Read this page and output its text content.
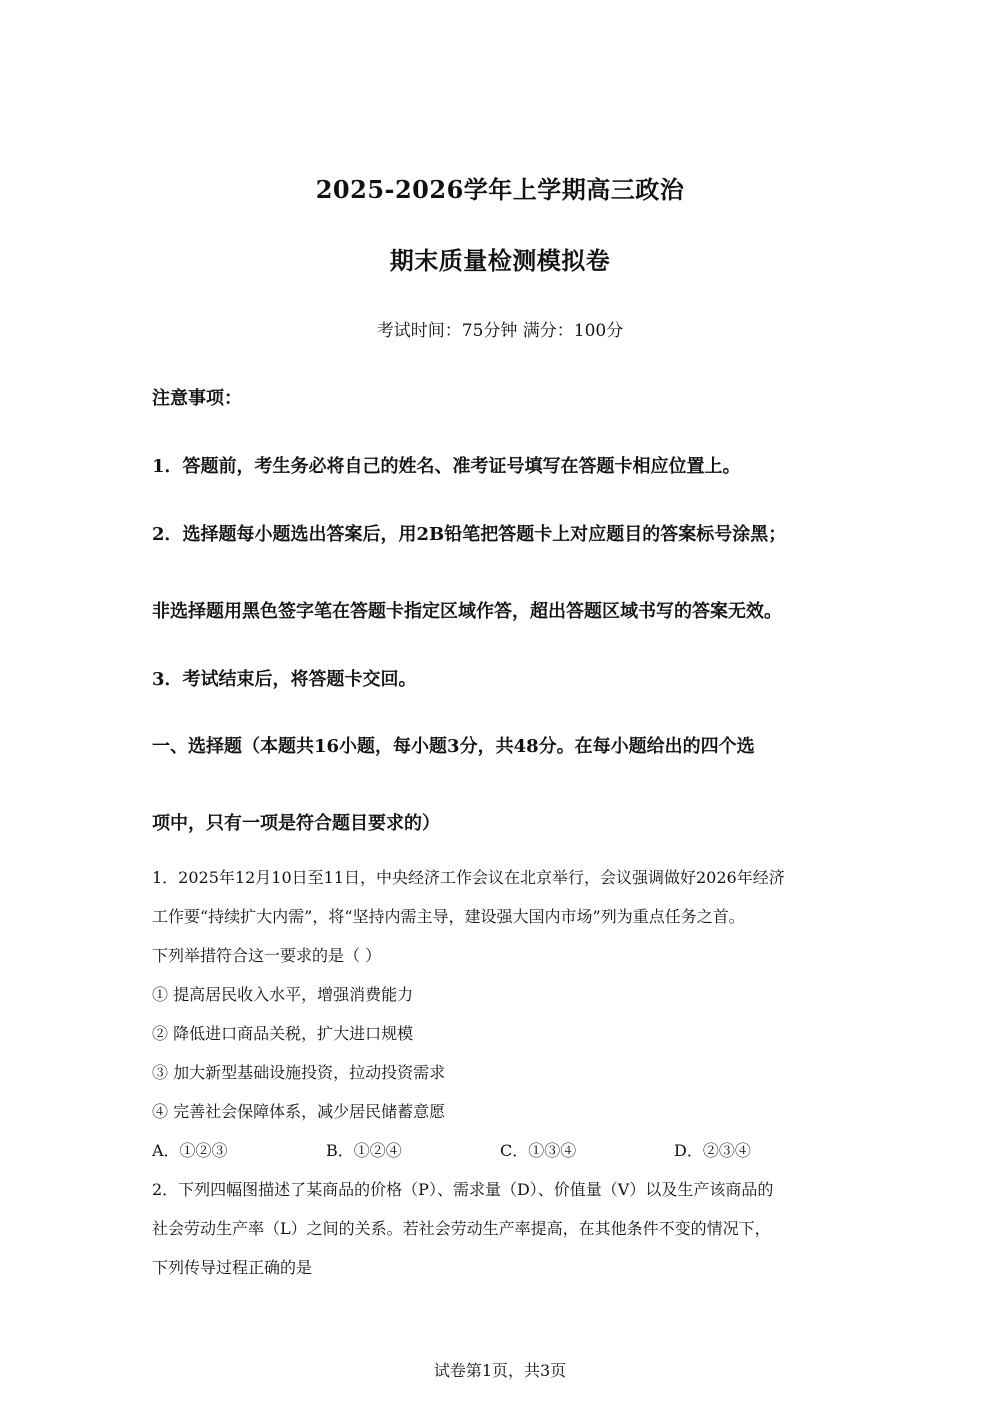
2025-2026学年上学期高三政治
期末质量检测模拟卷
考试时间：75分钟 满分：100分
注意事项：
1．答题前，考生务必将自己的姓名、准考证号填写在答题卡相应位置上。
2．选择题每小题选出答案后，用2B铅笔把答题卡上对应题目的答案标号涂黑；
非选择题用黑色签字笔在答题卡指定区域作答，超出答题区域书写的答案无效。
3．考试结束后，将答题卡交回。
一、选择题（本题共16小题，每小题3分，共48分。在每小题给出的四个选
项中，只有一项是符合题目要求的）
1．2025年12月10日至11日，中央经济工作会议在北京举行，会议强调做好2026年经济
工作要“持续扩大内需”，将“坚持内需主导，建设强大国内市场”列为重点任务之首。
下列举措符合这一要求的是（ ）
① 提高居民收入水平，增强消费能力
② 降低进口商品关税，扩大进口规模
③ 加大新型基础设施投资，拉动投资需求
④ 完善社会保障体系，减少居民储蓄意愿
A．①②③	B．①②④	C．①③④	D．②③④
2．下列四幅图描述了某商品的价格（P）、需求量（D）、价值量（V）以及生产该商品的
社会劳动生产率（L）之间的关系。若社会劳动生产率提高，在其他条件不变的情况下，
下列传导过程正确的是
试卷第1页，共3页
